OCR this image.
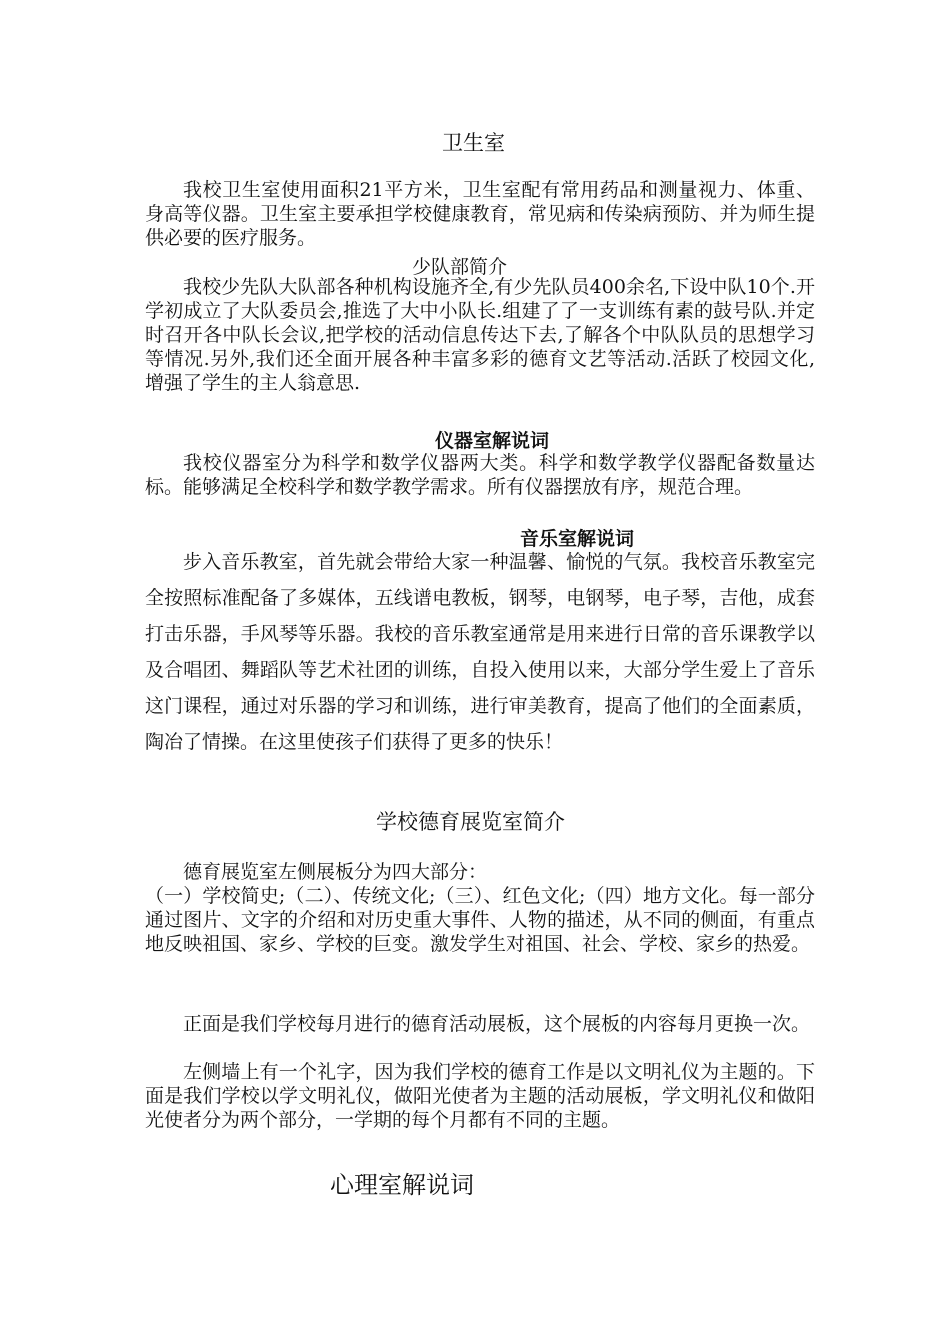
卫生室

我校卫生室使用面积21平方米，卫生室配有常用药品和测量视力、体重、身高等仪器。卫生室主要承担学校健康教育，常见病和传染病预防、并为师生提供必要的医疗服务。

少队部简介

我校少先队大队部各种机构设施齐全,有少先队员400余名,下设中队10个.开学初成立了大队委员会,推选了大中小队长.组建了了一支训练有素的鼓号队.并定时召开各中队长会议,把学校的活动信息传达下去,了解各个中队队员的思想学习等情况.另外,我们还全面开展各种丰富多彩的德育文艺等活动.活跃了校园文化,增强了学生的主人翁意思.

仪器室解说词

我校仪器室分为科学和数学仪器两大类。科学和数学教学仪器配备数量达标。能够满足全校科学和数学教学需求。所有仪器摆放有序，规范合理。

音乐室解说词

步入音乐教室，首先就会带给大家一种温馨、愉悦的气氛。我校音乐教室完全按照标准配备了多媒体，五线谱电教板，钢琴，电钢琴，电子琴，吉他，成套打击乐器，手风琴等乐器。我校的音乐教室通常是用来进行日常的音乐课教学以及合唱团、舞蹈队等艺术社团的训练，自投入使用以来，大部分学生爱上了音乐这门课程，通过对乐器的学习和训练，进行审美教育，提高了他们的全面素质，陶冶了情操。在这里使孩子们获得了更多的快乐！

学校德育展览室简介

德育展览室左侧展板分为四大部分：

（一）学校简史;（二）、传统文化;（三）、红色文化;（四）地方文化。每一部分通过图片、文字的介绍和对历史重大事件、人物的描述，从不同的侧面，有重点地反映祖国、家乡、学校的巨变。激发学生对祖国、社会、学校、家乡的热爱。

正面是我们学校每月进行的德育活动展板，这个展板的内容每月更换一次。

左侧墙上有一个礼字，因为我们学校的德育工作是以文明礼仪为主题的。下面是我们学校以学文明礼仪，做阳光使者为主题的活动展板，学文明礼仪和做阳光使者分为两个部分，一学期的每个月都有不同的主题。

心理室解说词
